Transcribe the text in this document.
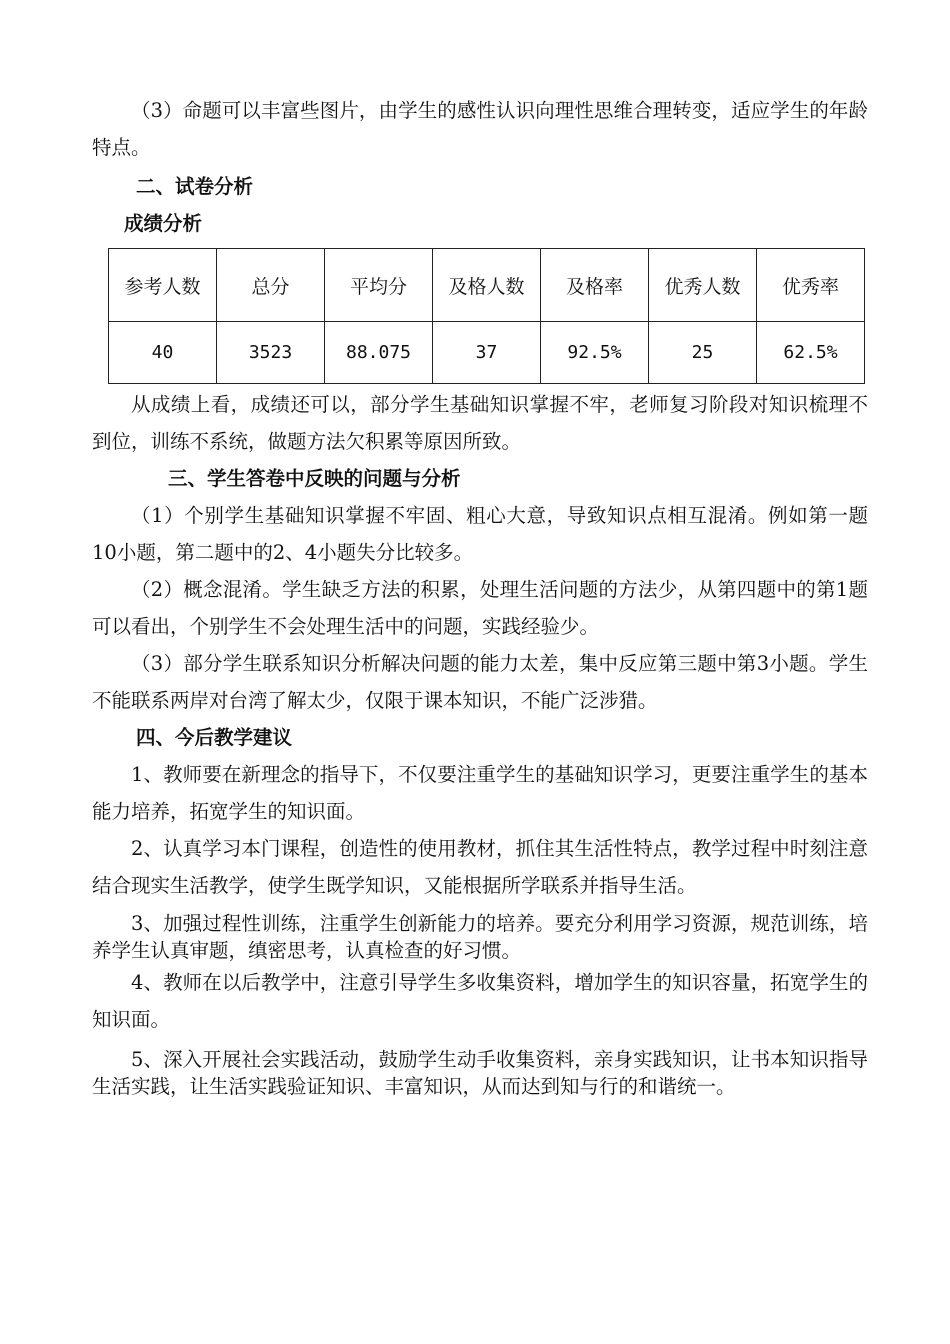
（3）命题可以丰富些图片，由学生的感性认识向理性思维合理转变，适应学生的年龄特点。

二、试卷分析
成绩分析
参考人数	总分	平均分	及格人数	及格率	优秀人数	优秀率
40	3523	88.075	37	92.5%	25	62.5%

从成绩上看，成绩还可以，部分学生基础知识掌握不牢，老师复习阶段对知识梳理不到位，训练不系统，做题方法欠积累等原因所致。

三、学生答卷中反映的问题与分析

（1）个别学生基础知识掌握不牢固、粗心大意，导致知识点相互混淆。例如第一题10小题，第二题中的2、4小题失分比较多。

（2）概念混淆。学生缺乏方法的积累，处理生活问题的方法少，从第四题中的第1题可以看出，个别学生不会处理生活中的问题，实践经验少。

（3）部分学生联系知识分析解决问题的能力太差，集中反应第三题中第3小题。学生不能联系两岸对台湾了解太少，仅限于课本知识，不能广泛涉猎。

四、今后教学建议

1、教师要在新理念的指导下，不仅要注重学生的基础知识学习，更要注重学生的基本能力培养，拓宽学生的知识面。

2、认真学习本门课程，创造性的使用教材，抓住其生活性特点，教学过程中时刻注意结合现实生活教学，使学生既学知识，又能根据所学联系并指导生活。

3、加强过程性训练，注重学生创新能力的培养。要充分利用学习资源，规范训练，培养学生认真审题，缜密思考，认真检查的好习惯。

4、教师在以后教学中，注意引导学生多收集资料，增加学生的知识容量，拓宽学生的知识面。

5、深入开展社会实践活动，鼓励学生动手收集资料，亲身实践知识，让书本知识指导生活实践，让生活实践验证知识、丰富知识，从而达到知与行的和谐统一。
